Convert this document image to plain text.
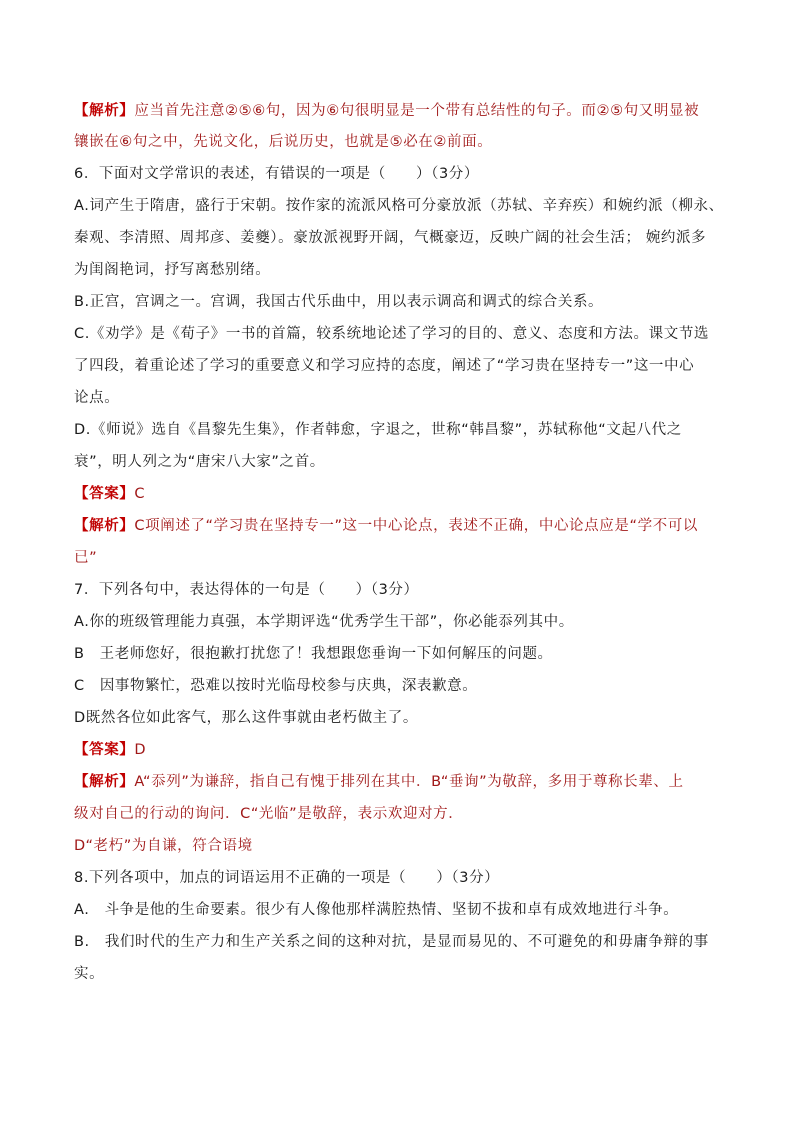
【解析】应当首先注意②⑤⑥句，因为⑥句很明显是一个带有总结性的句子。而②⑤句又明显被
镶嵌在⑥句之中，先说文化，后说历史，也就是⑤必在②前面。
6．下面对文学常识的表述，有错误的一项是（　　）（3分）
A.词产生于隋唐，盛行于宋朝。按作家的流派风格可分豪放派（苏轼、辛弃疾）和婉约派（柳永、
秦观、李清照、周邦彦、姜夔）。豪放派视野开阔，气概豪迈，反映广阔的社会生活； 婉约派多
为闺阁艳词，抒写离愁别绪。
B.正宫，宫调之一。宫调，我国古代乐曲中，用以表示调高和调式的综合关系。
C.《劝学》是《荀子》一书的首篇，较系统地论述了学习的目的、意义、态度和方法。课文节选
了四段，着重论述了学习的重要意义和学习应持的态度，阐述了“学习贵在坚持专一”这一中心
论点。
D.《师说》选自《昌黎先生集》，作者韩愈，字退之，世称“韩昌黎”，苏轼称他“文起八代之
衰”，明人列之为“唐宋八大家”之首。
【答案】C
【解析】C项阐述了“学习贵在坚持专一”这一中心论点，表述不正确，中心论点应是“学不可以
已”
7．下列各句中，表达得体的一句是（　　）（3分）
A.你的班级管理能力真强，本学期评选“优秀学生干部”，你必能忝列其中。
B　王老师您好，很抱歉打扰您了！我想跟您垂询一下如何解压的问题。
C　因事物繁忙，恐难以按时光临母校参与庆典，深表歉意。
D既然各位如此客气，那么这件事就由老朽做主了。
【答案】D
【解析】A“忝列”为谦辞，指自己有愧于排列在其中．B“垂询”为敬辞，多用于尊称长辈、上
级对自己的行动的询问．C“光临”是敬辞，表示欢迎对方．
D“老朽”为自谦，符合语境
8.下列各项中，加点的词语运用不正确的一项是（　　）（3分）
A.　斗争是他的生命要素。很少有人像他那样满腔热情、坚韧不拔和卓有成效地进行斗争。
B.　我们时代的生产力和生产关系之间的这种对抗，是显而易见的、不可避免的和毋庸争辩的事
实。
